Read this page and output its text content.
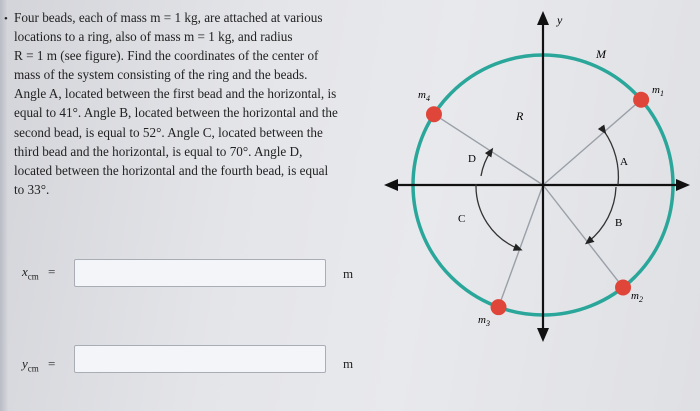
• Four beads, each of mass m = 1 kg, are attached at various
locations to a ring, also of mass m = 1 kg, and radius
R = 1 m (see figure). Find the coordinates of the center of
mass of the system consisting of the ring and the beads.
Angle A, located between the first bead and the horizontal, is
equal to 41°. Angle B, located between the horizontal and the
second bead, is equal to 52°. Angle C, located between the
third bead and the horizontal, is equal to 70°. Angle D,
located between the horizontal and the fourth bead, is equal
to 33°.
$x_{cm}$ =	m
$y_{cm}$ =	m
y
M
R
A
B
C
D
$m_1$
$m_2$
$m_3$
$m_4$
